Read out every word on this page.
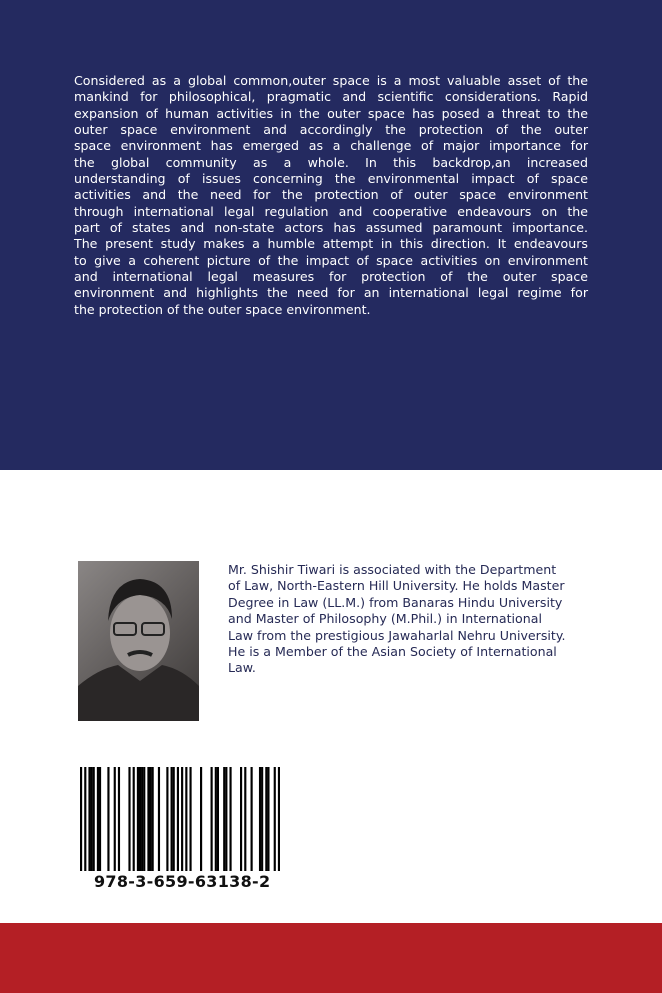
Considered as a global common,outer space is a most valuable asset of the
mankind for philosophical, pragmatic and scientific considerations. Rapid
expansion of human activities in the outer space has posed a threat to the
outer space environment and accordingly the protection of the outer
space environment has emerged as a challenge of major importance for
the global community as a whole. In this backdrop,an increased
understanding of issues concerning the environmental impact of space
activities and the need for the protection of outer space environment
through international legal regulation and cooperative endeavours on the
part of states and non-state actors has assumed paramount importance.
The present study makes a humble attempt in this direction. It endeavours
to give a coherent picture of the impact of space activities on environment
and international legal measures for protection of the outer space
environment and highlights the need for an international legal regime for
the protection of the outer space environment.
Mr. Shishir Tiwari is associated with the Department
of Law, North-Eastern Hill University. He holds Master
Degree in Law (LL.M.) from Banaras Hindu University
and Master of Philosophy (M.Phil.) in International
Law from the prestigious Jawaharlal Nehru University.
He is a Member of the Asian Society of International
Law.
978-3-659-63138-2
